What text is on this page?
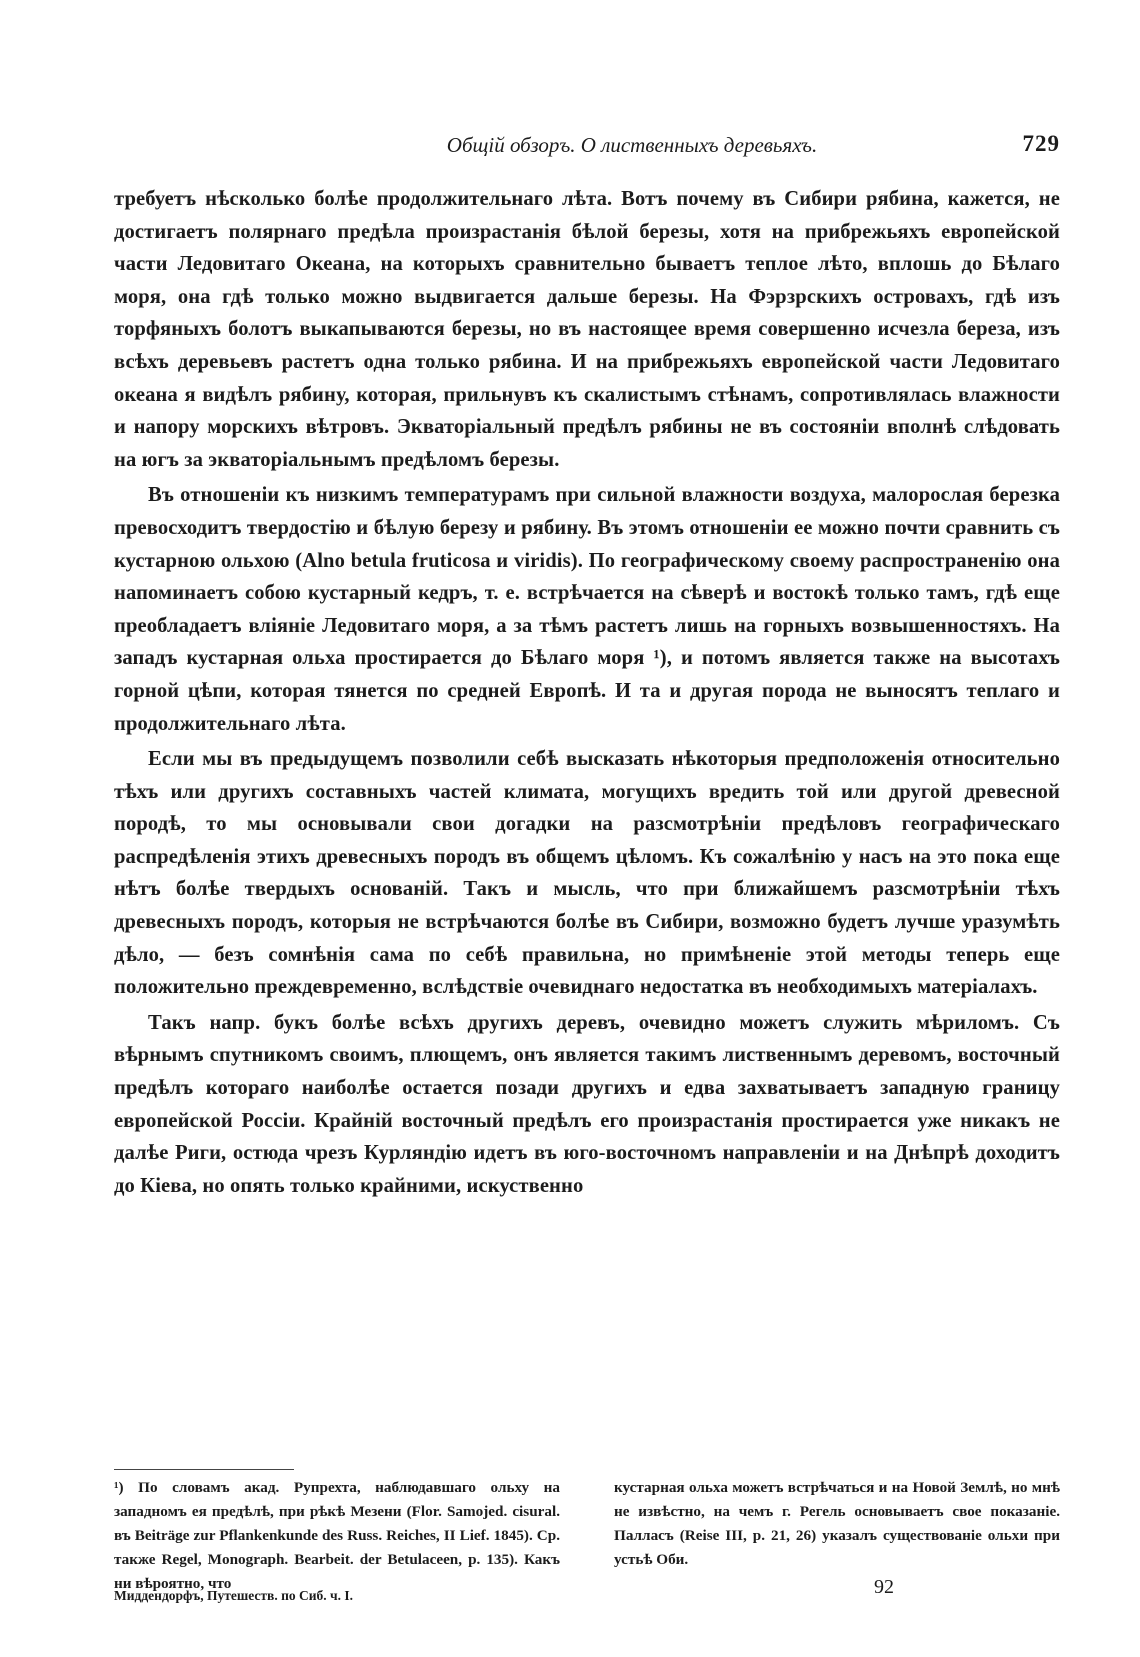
Общій обзоръ. О лиственныхъ деревьяхъ.	729

требуетъ нѣсколько болѣе продолжительнаго лѣта. Вотъ почему въ Сибири рябина, кажется, не достигаетъ полярнаго предѣла произрастанія бѣлой березы, хотя на прибрежьяхъ европейской части Ледовитаго Океана, на которыхъ сравнительно бываетъ теплое лѣто, вплошь до Бѣлаго моря, она гдѣ только можно выдвигается дальше березы. На Фэрзрскихъ островахъ, гдѣ изъ торфяныхъ болотъ выкапываются березы, но въ настоящее время совершенно исчезла береза, изъ всѣхъ деревьевъ растетъ одна только рябина. И на прибрежьяхъ европейской части Ледовитаго океана я видѣлъ рябину, которая, прильнувъ къ скалистымъ стѣнамъ, сопротивлялась влажности и напору морскихъ вѣтровъ. Экваторіальный предѣлъ рябины не въ состояніи вполнѣ слѣдовать на югъ за экваторіальнымъ предѣломъ березы.

Въ отношеніи къ низкимъ температурамъ при сильной влажности воздуха, малорослая березка превосходитъ твердостію и бѣлую березу и рябину. Въ этомъ отношеніи ее можно почти сравнить съ кустарною ольхою (Alno betula fruticosa и viridis). По географическому своему распространенію она напоминаетъ собою кустарный кедръ, т. е. встрѣчается на сѣверѣ и востокѣ только тамъ, гдѣ еще преобладаетъ вліяніе Ледовитаго моря, а за тѣмъ растетъ лишь на горныхъ возвышенностяхъ. На западъ кустарная ольха простирается до Бѣлаго моря ¹), и потомъ является также на высотахъ горной цѣпи, которая тянется по средней Европѣ. И та и другая порода не выносятъ теплаго и продолжительнаго лѣта.

Если мы въ предыдущемъ позволили себѣ высказать нѣкоторыя предположенія относительно тѣхъ или другихъ составныхъ частей климата, могущихъ вредить той или другой древесной породѣ, то мы основывали свои догадки на разсмотрѣніи предѣловъ географическаго распредѣленія этихъ древесныхъ породъ въ общемъ цѣломъ. Къ сожалѣнію у насъ на это пока еще нѣтъ болѣе твердыхъ основаній. Такъ и мысль, что при ближайшемъ разсмотрѣніи тѣхъ древесныхъ породъ, которыя не встрѣчаются болѣе въ Сибири, возможно будетъ лучше уразумѣть дѣло, — безъ сомнѣнія сама по себѣ правильна, но примѣненіе этой методы теперь еще положительно преждевременно, вслѣдствіе очевиднаго недостатка въ необходимыхъ матеріалахъ.

Такъ напр. букъ болѣе всѣхъ другихъ деревъ, очевидно можетъ служить мѣриломъ. Съ вѣрнымъ спутникомъ своимъ, плющемъ, онъ является такимъ лиственнымъ деревомъ, восточный предѣлъ котораго наиболѣе остается позади другихъ и едва захватываетъ западную границу европейской Россіи. Крайній восточный предѣлъ его произрастанія простирается уже никакъ не далѣе Риги, остюда чрезъ Курляндію идетъ въ юго-восточномъ направленіи и на Днѣпрѣ доходитъ до Кіева, но опять только крайними, искуственно

¹) По словамъ акад. Рупрехта, наблюдавшаго ольху на западномъ ея предѣлѣ, при рѣкѣ Мезени (Flor. Samojed. cisural. въ Beiträge zur Pflankenkunde des Russ. Reiches, II Lief. 1845). Ср. также Regel, Monograph. Bearbeit. der Betulaceen, р. 135). Какъ ни вѣроятно, что

кустарная ольха можетъ встрѣчаться и на Новой Землѣ, но мнѣ не извѣстно, на чемъ г. Регель основываетъ свое показаніе. Палласъ (Reise III, р. 21, 26) указалъ существованіе ольхи при устьѣ Оби.

Миддендорфъ, Путешеств. по Сиб. ч. I.	92
